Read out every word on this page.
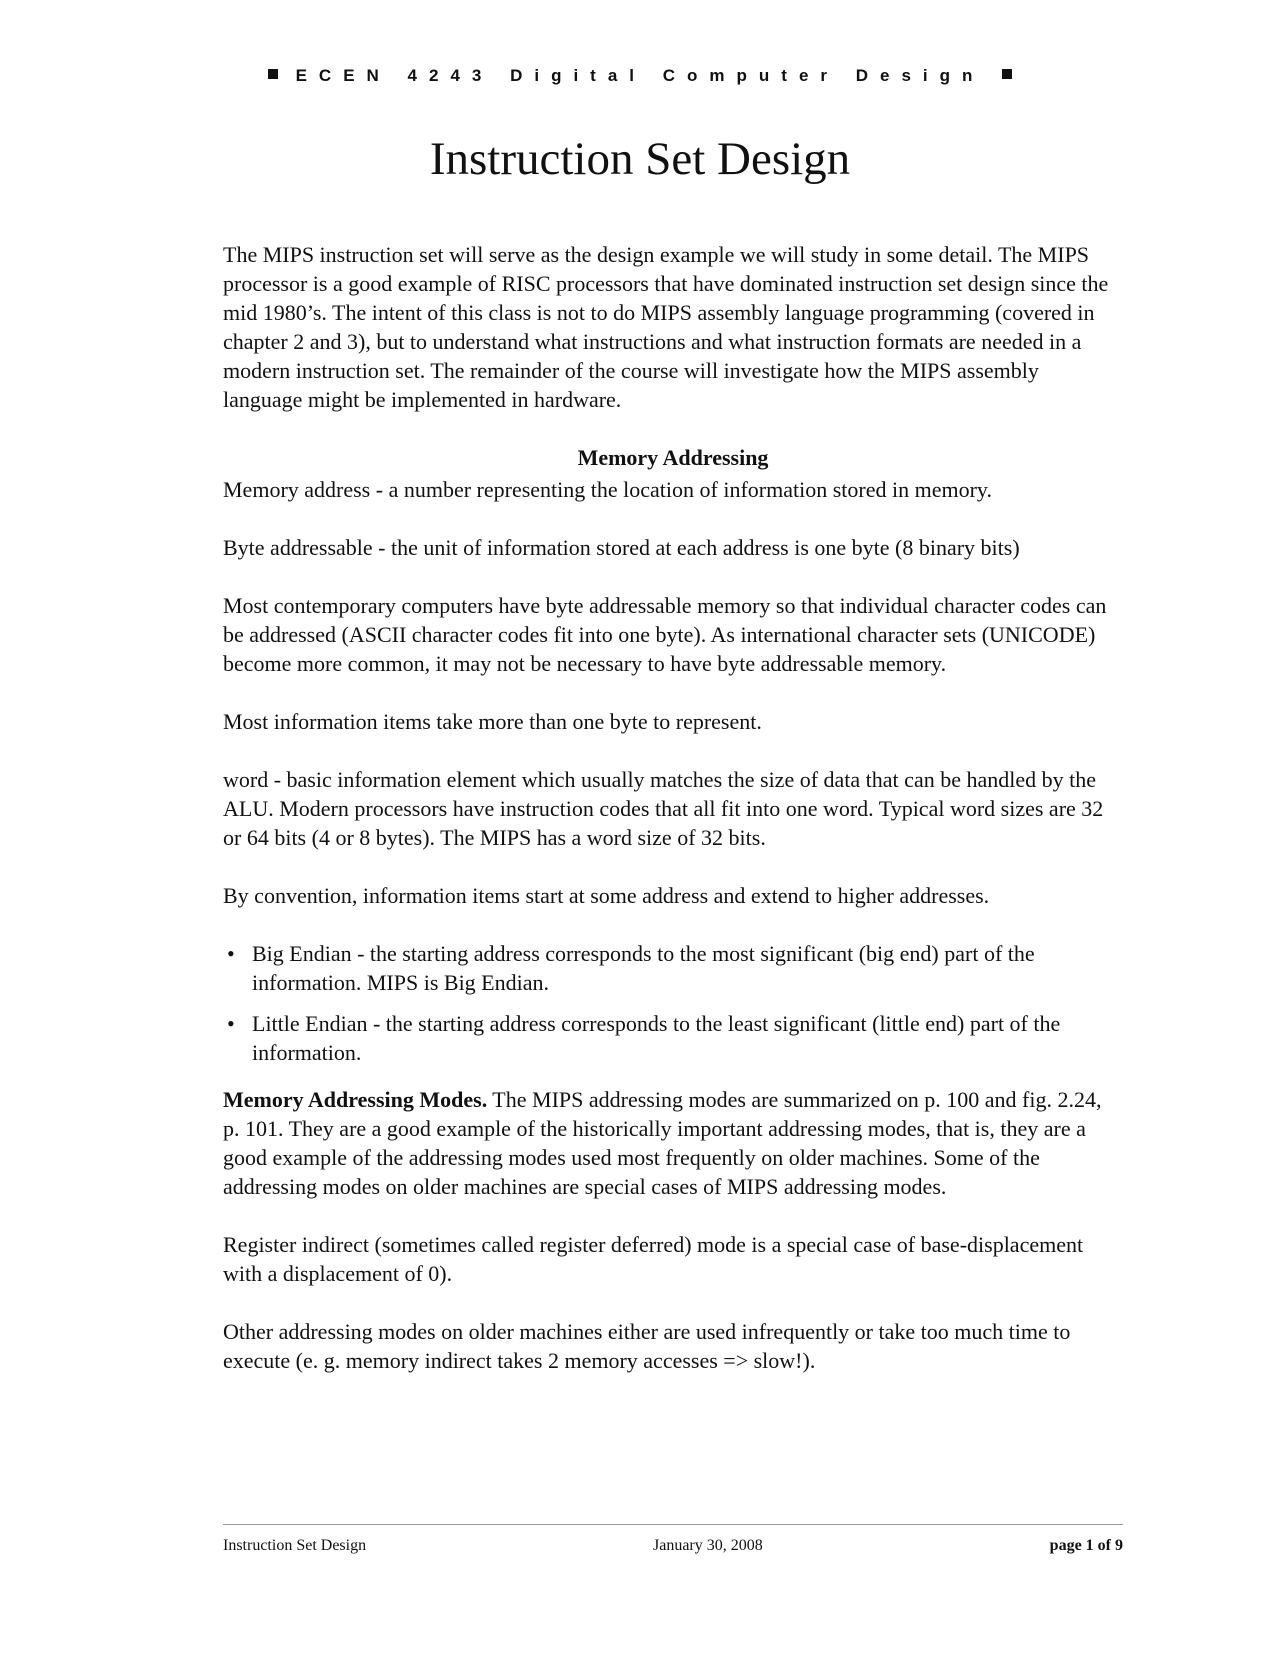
ECEN 4243 Digital Computer Design
Instruction Set Design

The MIPS instruction set will serve as the design example we will study in some detail. The MIPS processor is a good example of RISC processors that have dominated instruction set design since the mid 1980’s. The intent of this class is not to do MIPS assembly language programming (covered in chapter 2 and 3), but to understand what instructions and what instruction formats are needed in a modern instruction set. The remainder of the course will investigate how the MIPS assembly language might be implemented in hardware.

Memory Addressing

Memory address - a number representing the location of information stored in memory.

Byte addressable - the unit of information stored at each address is one byte (8 binary bits)

Most contemporary computers have byte addressable memory so that individual character codes can be addressed (ASCII character codes fit into one byte). As international character sets (UNICODE) become more common, it may not be necessary to have byte addressable memory.

Most information items take more than one byte to represent.

word - basic information element which usually matches the size of data that can be handled by the ALU. Modern processors have instruction codes that all fit into one word. Typical word sizes are 32 or 64 bits (4 or 8 bytes). The MIPS has a word size of 32 bits.

By convention, information items start at some address and extend to higher addresses.

• Big Endian - the starting address corresponds to the most significant (big end) part of the information. MIPS is Big Endian.
• Little Endian - the starting address corresponds to the least significant (little end) part of the information.

Memory Addressing Modes. The MIPS addressing modes are summarized on p. 100 and fig. 2.24, p. 101. They are a good example of the historically important addressing modes, that is, they are a good example of the addressing modes used most frequently on older machines. Some of the addressing modes on older machines are special cases of MIPS addressing modes.

Register indirect (sometimes called register deferred) mode is a special case of base-displacement with a displacement of 0).

Other addressing modes on older machines either are used infrequently or take too much time to execute (e. g. memory indirect takes 2 memory accesses => slow!).

Instruction Set Design	January 30, 2008	page 1 of 9
